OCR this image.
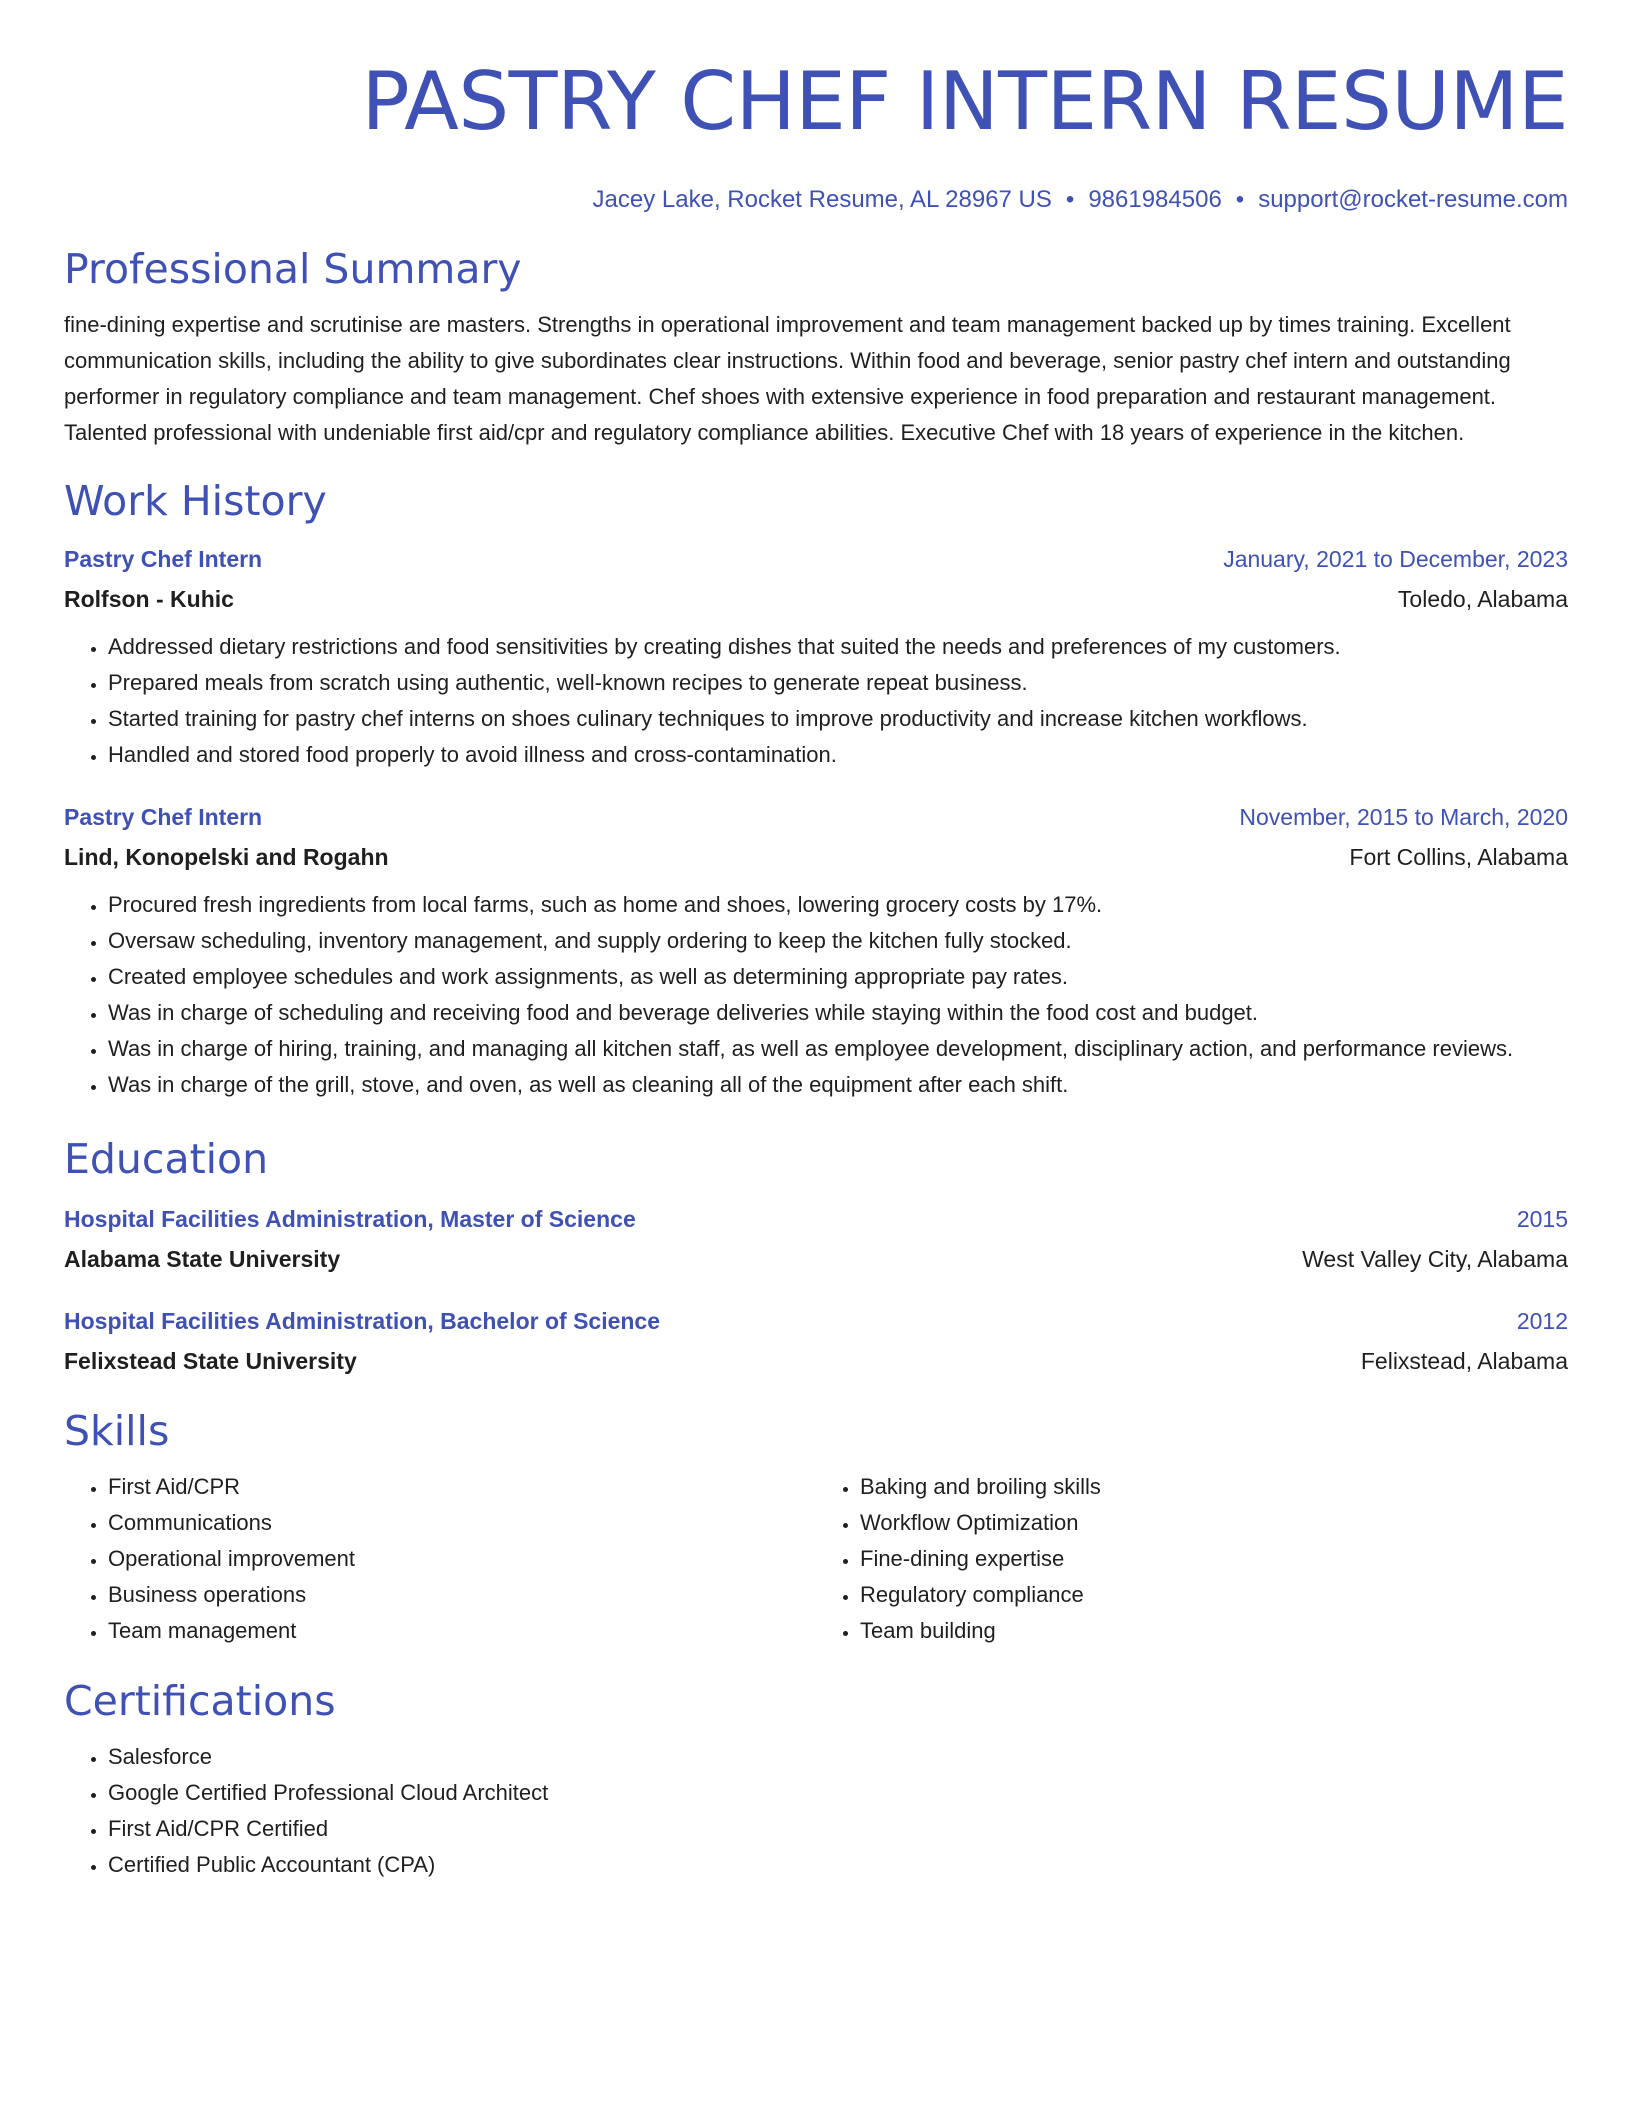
PASTRY CHEF INTERN RESUME
Jacey Lake, Rocket Resume, AL 28967 US • 9861984506 • support@rocket-resume.com
Professional Summary
fine-dining expertise and scrutinise are masters. Strengths in operational improvement and team management backed up by times training. Excellent communication skills, including the ability to give subordinates clear instructions. Within food and beverage, senior pastry chef intern and outstanding performer in regulatory compliance and team management. Chef shoes with extensive experience in food preparation and restaurant management. Talented professional with undeniable first aid/cpr and regulatory compliance abilities. Executive Chef with 18 years of experience in the kitchen.
Work History
Pastry Chef Intern	January, 2021 to December, 2023
Rolfson - Kuhic	Toledo, Alabama
• Addressed dietary restrictions and food sensitivities by creating dishes that suited the needs and preferences of my customers.
• Prepared meals from scratch using authentic, well-known recipes to generate repeat business.
• Started training for pastry chef interns on shoes culinary techniques to improve productivity and increase kitchen workflows.
• Handled and stored food properly to avoid illness and cross-contamination.
Pastry Chef Intern	November, 2015 to March, 2020
Lind, Konopelski and Rogahn	Fort Collins, Alabama
• Procured fresh ingredients from local farms, such as home and shoes, lowering grocery costs by 17%.
• Oversaw scheduling, inventory management, and supply ordering to keep the kitchen fully stocked.
• Created employee schedules and work assignments, as well as determining appropriate pay rates.
• Was in charge of scheduling and receiving food and beverage deliveries while staying within the food cost and budget.
• Was in charge of hiring, training, and managing all kitchen staff, as well as employee development, disciplinary action, and performance reviews.
• Was in charge of the grill, stove, and oven, as well as cleaning all of the equipment after each shift.
Education
Hospital Facilities Administration, Master of Science	2015
Alabama State University	West Valley City, Alabama
Hospital Facilities Administration, Bachelor of Science	2012
Felixstead State University	Felixstead, Alabama
Skills
• First Aid/CPR
• Communications
• Operational improvement
• Business operations
• Team management
• Baking and broiling skills
• Workflow Optimization
• Fine-dining expertise
• Regulatory compliance
• Team building
Certifications
• Salesforce
• Google Certified Professional Cloud Architect
• First Aid/CPR Certified
• Certified Public Accountant (CPA)
